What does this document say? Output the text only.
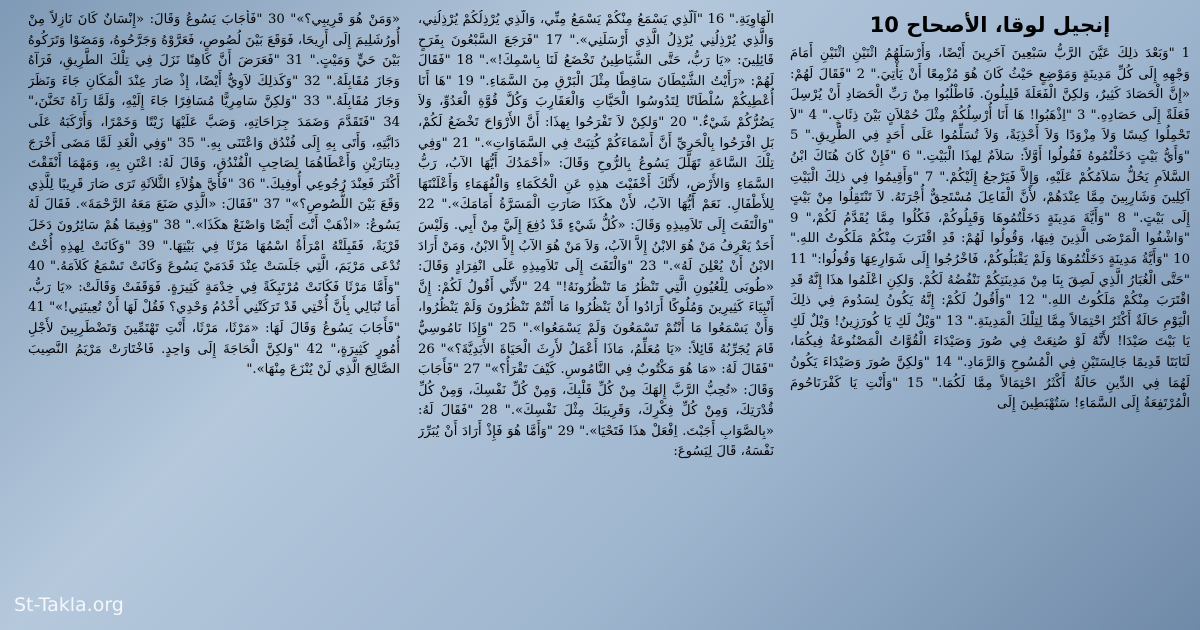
إنجيل لوقا، الأصحاح 10

1 "وَبَعْدَ ذلِكَ عَيَّنَ الرَّبُّ سَبْعِينَ آخَرِينَ أَيْضًا، وَأَرْسَلَهُمُ اثْنَيْنِ اثْنَيْنِ أَمَامَ وَجْهِهِ إِلَى كُلِّ مَدِينَةٍ وَمَوْضِعٍ حَيْثُ كَانَ هُوَ مُزْمِعًا أَنْ يَأْتِيَ." 2 "فَقَالَ لَهُمْ: «إِنَّ الْحَصَادَ كَثِيرٌ، وَلكِنَّ الْفَعَلَةَ قَلِيلُونَ. فَاطْلُبُوا مِنْ رَبِّ الْحَصَادِ أَنْ يُرْسِلَ فَعَلَةً إِلَى حَصَادِهِ." 3 "اِذْهَبُوا! هَا أَنَا أُرْسِلُكُمْ مِثْلَ حُمْلاَنٍ بَيْنَ ذِئَابٍ." 4 "لاَ تَحْمِلُوا كِيسًا وَلاَ مِزْوَدًا وَلاَ أَحْذِيَةً، وَلاَ تُسَلِّمُوا عَلَى أَحَدٍ فِي الطَّرِيقِ." 5 "وَأَيُّ بَيْتٍ دَخَلْتُمُوهُ فَقُولُوا أَوَّلاً: سَلاَمٌ لِهذَا الْبَيْتِ." 6 "فَإِنْ كَانَ هُنَاكَ ابْنُ السَّلاَمِ يَحُلُّ سَلاَمُكُمْ عَلَيْهِ، وَإِلاَّ فَيَرْجعُ إِلَيْكُمْ." 7 "وَأَقِيمُوا فِي ذلِكَ الْبَيْتِ آكِلِينَ وَشَارِبِينَ مِمَّا عِنْدَهُمْ، لأَنَّ الْفَاعِلَ مُسْتَحِقٌّ أُجْرَتَهُ. لاَ تَنْتَقِلُوا مِنْ بَيْتٍ إِلَى بَيْتٍ." 8 "وَأَيَّةَ مَدِينَةٍ دَخَلْتُمُوهَا وَقَبِلُوكُمْ، فَكُلُوا مِمَّا يُقَدَّمُ لَكُمْ،" 9 "وَاشْفُوا الْمَرْضَى الَّذِينَ فِيهَا، وَقُولُوا لَهُمْ: قَدِ اقْتَرَبَ مِنْكُمْ مَلَكُوتُ اللهِ." 10 "وَأَيَّةُ مَدِينَةٍ دَخَلْتُمُوهَا وَلَمْ يَقْبَلُوكُمْ، فَاخْرُجُوا إِلَى شَوَارِعِهَا وَقُولُوا:" 11 "حَتَّى الْغُبَارُ الَّذِي لَصِقَ بِنَا مِنْ مَدِينَتِكُمْ نَنْفُضُهُ لَكُمْ. وَلكِنِ اعْلَمُوا هذَا إِنَّهُ قَدِ اقْتَرَبَ مِنْكُمْ مَلَكُوتُ اللهِ." 12 "وَأَقُولُ لَكُمْ: إِنَّهُ يَكُونُ لِسَدُومَ فِي ذلِكَ الْيَوْمِ حَالَةٌ أَكْثَرُ احْتِمَالاً مِمَّا لِتِلْكَ الْمَدِينَةِ." 13 "وَيْلٌ لَكِ يَا كُورَزِينُ! وَيْلٌ لَكِ يَا بَيْتَ صَيْدَا! لأَنَّهُ لَوْ صُنِعَتْ فِي صُورَ وَصَيْدَاءَ الْقُوَّاتُ الْمَصْنُوعَةُ فِيكُمَا، لَتَابَتَا قَدِيمًا جَالِسَتَيْنِ فِي الْمُسُوحِ وَالرَّمَادِ." 14 "وَلكِنَّ صُورَ وَصَيْدَاءَ يَكُونُ لَهُمَا فِي الدِّينِ حَالَةٌ أَكْثَرُ احْتِمَالاً مِمَّا لَكُمَا." 15 "وَأَنْتِ يَا كَفْرَنَاحُومَ الْمُرْتَفِعَةُ إِلَى السَّمَاءِ! سَتُهْبَطِينَ إِلَى

الْهَاوِيَةِ." 16 "اَلَّذِي يَسْمَعُ مِنْكُمْ يَسْمَعُ مِنِّي، وَالَّذِي يُرْذِلُكُمْ يُرْذِلُنِي، وَالَّذِي يُرْذِلُنِي يُرْذِلُ الَّذِي أَرْسَلَنِي»." 17 "فَرَجَعَ السَّبْعُونَ بِفَرَحٍ قَائِلِينَ: «يَا رَبُّ، حَتَّى الشَّيَاطِينُ تَخْضَعُ لَنَا بِاسْمِكَ!»." 18 "فَقَالَ لَهُمْ: «رَأَيْتُ الشَّيْطَانَ سَاقِطًا مِثْلَ الْبَرْقِ مِنَ السَّمَاءِ." 19 "هَا أَنَا أُعْطِيكُمْ سُلْطَانًا لِتَدُوسُوا الْحَيَّاتِ وَالْعَقَارِبَ وَكُلَّ قُوَّةِ الْعَدُوِّ، وَلاَ يَضُرُّكُمْ شَيْءٌ." 20 "وَلكِنْ لاَ تَفْرَحُوا بِهذَا: أَنَّ الأَرْوَاحَ تَخْضَعُ لَكُمْ، بَلِ افْرَحُوا بِالْحَرِيِّ أَنَّ أَسْمَاءَكُمْ كُتِبَتْ فِي السَّمَاوَاتِ»." 21 "وَفِي تِلْكَ السَّاعَةِ تَهَلَّلَ يَسُوعُ بِالرُّوحِ وَقَالَ: «أَحْمَدُكَ أَيُّهَا الآبُ، رَبُّ السَّمَاءِ وَالأَرْضِ، لأَنَّكَ أَخْفَيْتَ هذِهِ عَنِ الْحُكَمَاءِ وَالْفُهَمَاءِ وَأَعْلَنْتَهَا لِلأَطْفَالِ. نَعَمْ أَيُّهَا الآبُ، لأَنْ هكَذَا صَارَتِ الْمَسَرَّةُ أَمَامَكَ»." 22 "وَالْتَفَتَ إِلَى تَلاَمِيذِهِ وَقَالَ: «كُلُّ شَيْءٍ قَدْ دُفِعَ إِلَيَّ مِنْ أَبِي. وَلَيْسَ أَحَدٌ يَعْرِفُ مَنْ هُوَ الابْنُ إِلاَّ الآبُ، وَلاَ مَنْ هُوَ الآبُ إِلاَّ الابْنُ، وَمَنْ أَرَادَ الابْنُ أَنْ يُعْلِنَ لَهُ»." 23 "وَالْتَفَتَ إِلَى تَلاَمِيذِهِ عَلَى انْفِرَادٍ وَقَالَ: «طُوبَى لِلْعُيُونِ الَّتِي تَنْظُرُ مَا تَنْظُرُونَهُ!" 24 "لأَنِّي أَقُولُ لَكُمْ: إِنَّ أَنْبِيَاءَ كَثِيرِينَ وَمُلُوكًا أَرَادُوا أَنْ يَنْظُرُوا مَا أَنْتُمْ تَنْظُرُونَ وَلَمْ يَنْظُرُوا، وَأَنْ يَسْمَعُوا مَا أَنْتُمْ تَسْمَعُونَ وَلَمْ يَسْمَعُوا»." 25 "وَإِذَا نَامُوسِيٌّ قَامَ يُجَرِّبُهُ قَائِلاً: «يَا مُعَلِّمُ، مَاذَا أَعْمَلُ لأَرِثَ الْحَيَاةَ الأَبَدِيَّةَ؟»" 26 "فَقَالَ لَهُ: «مَا هُوَ مَكْتُوبٌ فِي النَّامُوسِ. كَيْفَ تَقْرَأُ؟»" 27 "فَأَجَابَ وَقَالَ: «تُحِبُّ الرَّبَّ إِلهَكَ مِنْ كُلِّ قَلْبِكَ، وَمِنْ كُلِّ نَفْسِكَ، وَمِنْ كُلِّ قُدْرَتِكَ، وَمِنْ كُلِّ فِكْرِكَ، وَقَرِيبَكَ مِثْلَ نَفْسِكَ»." 28 "فَقَالَ لَهُ: «بِالصَّوَابِ أَجَبْتَ. اِفْعَلْ هذَا فَتَحْيَا»." 29 "وَأَمَّا هُوَ فَإِذْ أَرَادَ أَنْ يُبَرِّرَ نَفْسَهُ، قَالَ لِيَسُوعَ:

«وَمَنْ هُوَ قَرِيبِي؟»" 30 "فَأَجَابَ يَسُوعُ وَقَالَ: «إِنْسَانٌ كَانَ نَازِلاً مِنْ أُورُشَلِيمَ إِلَى أَرِيحَا، فَوَقَعَ بَيْنَ لُصُوصٍ، فَعَرَّوْهُ وَجَرَّحُوهُ، وَمَضَوْا وَتَرَكُوهُ بَيْنَ حَيٍّ وَمَيْتٍ." 31 "فَعَرَضَ أَنَّ كَاهِنًا نَزَلَ فِي تِلْكَ الطَّرِيقِ، فَرَآهُ وَجَازَ مُقَابِلَهُ." 32 "وَكَذلِكَ لاَوِيٌّ أَيْضًا، إِذْ صَارَ عِنْدَ الْمَكَانِ جَاءَ وَنَظَرَ وَجَازَ مُقَابِلَهُ." 33 "وَلكِنَّ سَامِرِيًّا مُسَافِرًا جَاءَ إِلَيْهِ، وَلَمَّا رَآهُ تَحَنَّنَ،" 34 "فَتَقَدَّمَ وَضَمَدَ جِرَاحَاتِهِ، وَصَبَّ عَلَيْهَا زَيْتًا وَخَمْرًا، وَأَرْكَبَهُ عَلَى دَابَّتِهِ، وَأَتَى بِهِ إِلَى فُنْدُق وَاعْتَنَى بِهِ." 35 "وَفِي الْغَدِ لَمَّا مَضَى أَخْرَجَ دِينَارَيْنِ وَأَعْطَاهُمَا لِصَاحِبِ الْفُنْدُقِ، وَقَالَ لَهُ: اعْتَنِ بِهِ، وَمَهْمَا أَنْفَقْتَ أَكْثَرَ فَعِنْدَ رُجُوعِي أُوفِيكَ." 36 "فَأَيَّ هؤُلاَءِ الثَّلاَثَةِ تَرَى صَارَ قَرِيبًا لِلَّذِي وَقَعَ بَيْنَ اللُّصُوصِ؟»" 37 "فَقَالَ: «الَّذِي صَنَعَ مَعَهُ الرَّحْمَةَ». فَقَالَ لَهُ يَسُوعُ: «اذْهَبْ أَنْتَ أَيْضًا وَاصْنَعْ هكَذَا»." 38 "وَفِيمَا هُمْ سَائِرُونَ دَخَلَ قَرْيَةً، فَقَبِلَتْهُ امْرَأَةٌ اسْمُهَا مَرْثَا فِي بَيْتِهَا." 39 "وَكَانَتْ لِهذِهِ أُخْتٌ تُدْعَى مَرْيَمَ، الَّتِي جَلَسَتْ عِنْدَ قَدَمَيْ يَسُوعَ وَكَانَتْ تَسْمَعُ كَلاَمَهُ." 40 "وَأَمَّا مَرْثَا فَكَانَتْ مُرْتَبِكَةً فِي خِدْمَةٍ كَثِيرَةٍ. فَوَقَفَتْ وَقَالَتْ: «يَا رَبُّ، أَمَا تُبَالِي بِأَنَّ أُخْتِي قَدْ تَرَكَتْنِي أَخْدُمُ وَحْدِي؟ فَقُلْ لَهَا أَنْ تُعِينَنِي!»" 41 "فَأَجَابَ يَسُوعُ وَقَالَ لَهَا: «مَرْثَا، مَرْثَا، أَنْتِ تَهْتَمِّينَ وَتَضْطَرِبِينَ لأَجْلِ أُمُورٍ كَثِيرَةٍ،" 42 "وَلكِنَّ الْحَاجَةَ إِلَى وَاحِدٍ. فَاخْتَارَتْ مَرْيَمُ النَّصِيبَ الصَّالِحَ الَّذِي لَنْ يُنْزَعَ مِنْهَا»."

St-Takla.org
